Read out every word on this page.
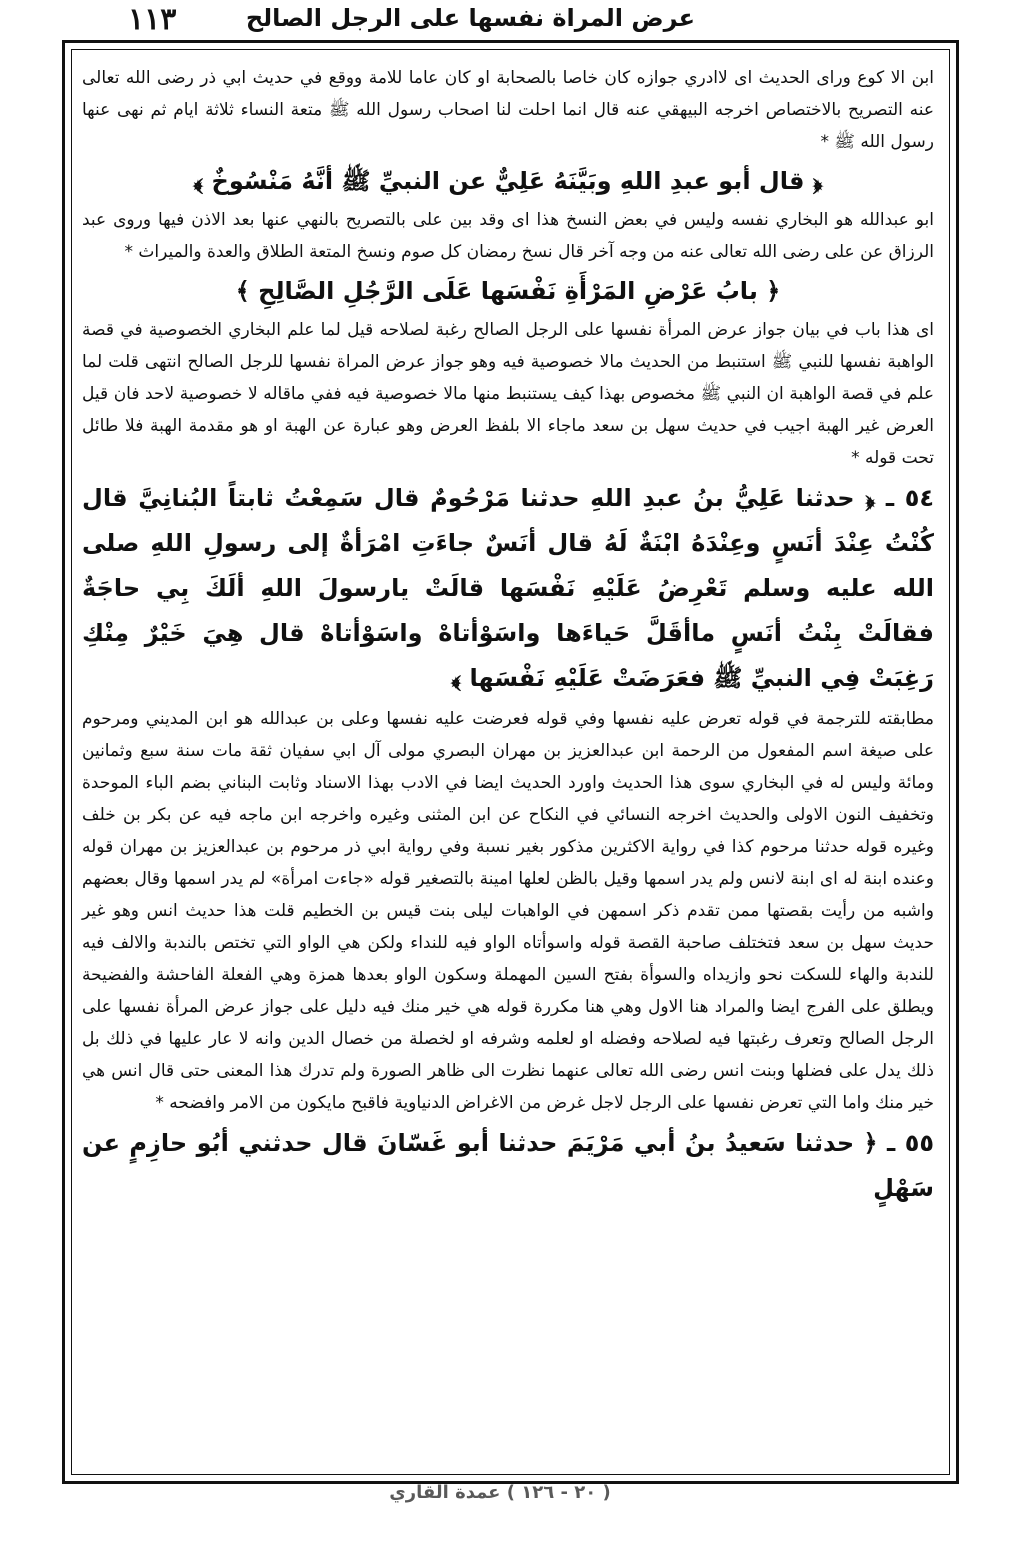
١١٣	عرض المراة نفسها على الرجل الصالح

ابن الا كوع وراى الحديث اى لاادري جوازه كان خاصا بالصحابة او كان عاما للامة ووقع في حديث ابي ذر رضى الله تعالى عنه التصريح بالاختصاص اخرجه البيهقي عنه قال انما احلت لنا اصحاب رسول الله ﷺ متعة النساء ثلاثة ايام ثم نهى عنها رسول الله ﷺ *

﴿ قال أبو عبدِ اللهِ وبَيَّنَهُ عَلِيٌّ عن النبيِّ ﷺ أنَّهُ مَنْسُوخٌ ﴾

ابو عبدالله هو البخاري نفسه وليس في بعض النسخ هذا اى وقد بين على بالتصريح بالنهي عنها بعد الاذن فيها وروى عبد الرزاق عن على رضى الله تعالى عنه من وجه آخر قال نسخ رمضان كل صوم ونسخ المتعة الطلاق والعدة والميراث *

﴿ بابُ عَرْضِ المَرْأَةِ نَفْسَها عَلَى الرَّجُلِ الصَّالِحِ ﴾

اى هذا باب في بيان جواز عرض المرأة نفسها على الرجل الصالح رغبة لصلاحه قيل لما علم البخاري الخصوصية في قصة الواهبة نفسها للنبي ﷺ استنبط من الحديث مالا خصوصية فيه وهو جواز عرض المراة نفسها للرجل الصالح انتهى قلت لما علم في قصة الواهبة ان النبي ﷺ مخصوص بهذا كيف يستنبط منها مالا خصوصية فيه ففي ماقاله لا خصوصية لاحد فان قيل العرض غير الهبة اجيب في حديث سهل بن سعد ماجاء الا بلفظ العرض وهو عبارة عن الهبة او هو مقدمة الهبة فلا طائل تحت قوله *

٥٤ ـ ﴿ حدثنا عَلِيُّ بنُ عبدِ اللهِ حدثنا مَرْحُومٌ قال سَمِعْتُ ثابتاً البُنانِيَّ قال كُنْتُ عِنْدَ أنَسٍ وعِنْدَهُ ابْنَةٌ لَهُ قال أنَسٌ جاءَتِ امْرَأةٌ إلى رسولِ اللهِ صلى الله عليه وسلم تَعْرِضُ عَلَيْهِ نَفْسَها قالَتْ يارسولَ اللهِ ألَكَ بِي حاجَةٌ فقالَتْ بِنْتُ أنَسٍ ماأقَلَّ حَياءَها واسَوْأتاهْ واسَوْأتاهْ قال هِيَ خَيْرٌ مِنْكِ رَغِبَتْ فِي النبيِّ ﷺ فعَرَضَتْ عَلَيْهِ نَفْسَها ﴾

مطابقته للترجمة في قوله تعرض عليه نفسها وفي قوله فعرضت عليه نفسها وعلى بن عبدالله هو ابن المديني ومرحوم على صيغة اسم المفعول من الرحمة ابن عبدالعزيز بن مهران البصري مولى آل ابي سفيان ثقة مات سنة سبع وثمانين ومائة وليس له في البخاري سوى هذا الحديث واورد الحديث ايضا في الادب بهذا الاسناد وثابت البناني بضم الباء الموحدة وتخفيف النون الاولى والحديث اخرجه النسائي في النكاح عن ابن المثنى وغيره واخرجه ابن ماجه فيه عن بكر بن خلف وغيره قوله حدثنا مرحوم كذا في رواية الاكثرين مذكور بغير نسبة وفي رواية ابي ذر مرحوم بن عبدالعزيز بن مهران قوله وعنده ابنة له اى ابنة لانس ولم يدر اسمها وقيل بالظن لعلها امينة بالتصغير قوله «جاءت امرأة» لم يدر اسمها وقال بعضهم واشبه من رأيت بقصتها ممن تقدم ذكر اسمهن في الواهبات ليلى بنت قيس بن الخطيم قلت هذا حديث انس وهو غير حديث سهل بن سعد فتختلف صاحبة القصة قوله واسوأتاه الواو فيه للنداء ولكن هي الواو التي تختص بالندبة والالف فيه للندبة والهاء للسكت نحو وازيداه والسوأة بفتح السين المهملة وسكون الواو بعدها همزة وهي الفعلة الفاحشة والفضيحة ويطلق على الفرج ايضا والمراد هنا الاول وهي هنا مكررة قوله هي خير منك فيه دليل على جواز عرض المرأة نفسها على الرجل الصالح وتعرف رغبتها فيه لصلاحه وفضله او لعلمه وشرفه او لخصلة من خصال الدين وانه لا عار عليها في ذلك بل ذلك يدل على فضلها وبنت انس رضى الله تعالى عنهما نظرت الى ظاهر الصورة ولم تدرك هذا المعنى حتى قال انس هي خير منك واما التي تعرض نفسها على الرجل لاجل غرض من الاغراض الدنياوية فاقبح مايكون من الامر وافضحه *

٥٥ ـ ﴿ حدثنا سَعيدُ بنُ أبي مَرْيَمَ حدثنا أبو غَسّانَ قال حدثني أبُو حازِمٍ عن سَهْلٍ

( ٢٠ - ١٢٦ ) عمدة القاري
